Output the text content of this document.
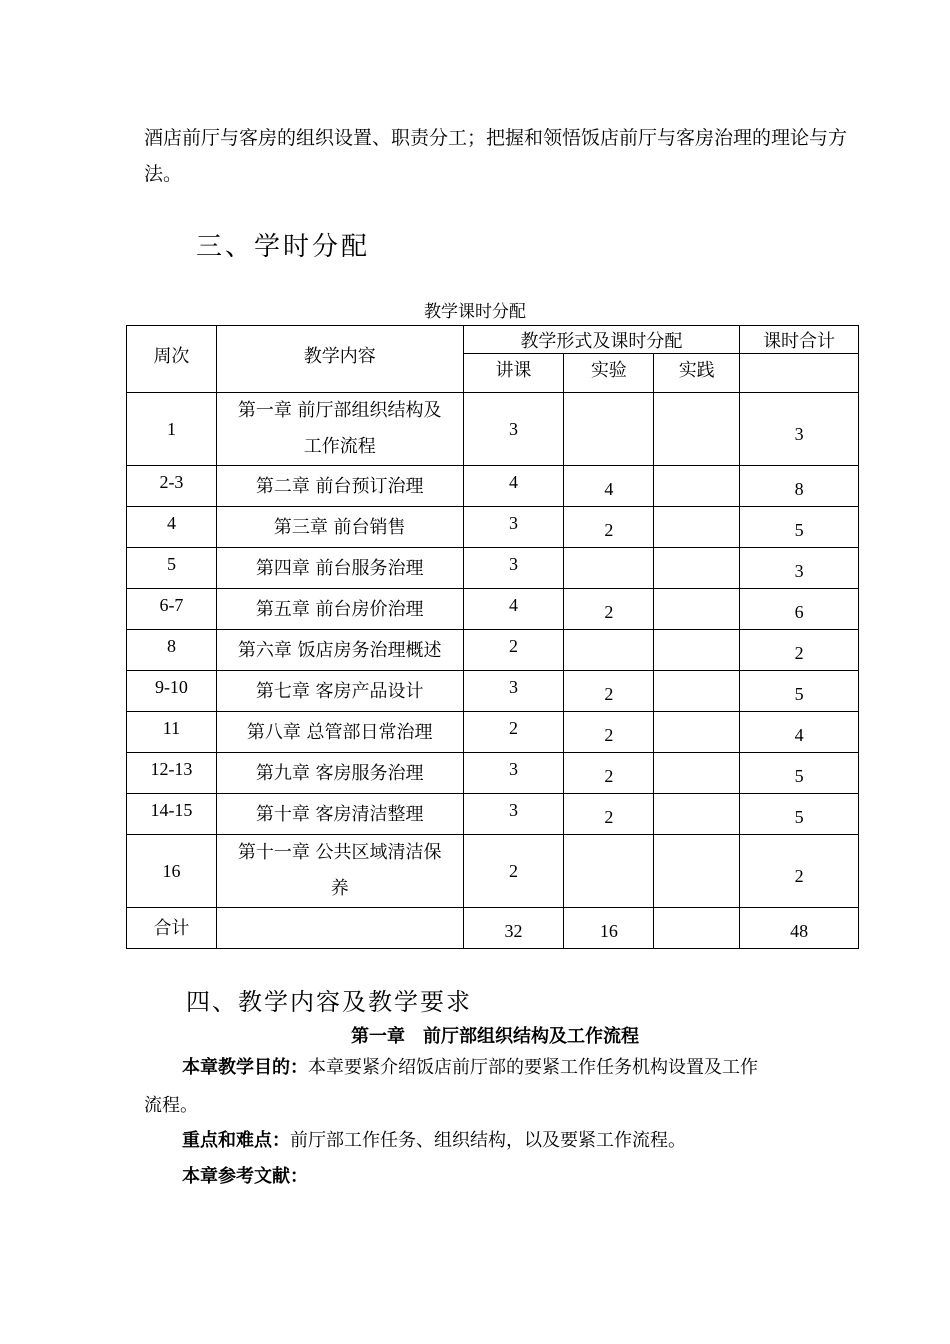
酒店前厅与客房的组织设置、职责分工；把握和领悟饭店前厅与客房治理的理论与方
法。
三、学时分配
教学课时分配
周次	教学内容	教学形式及课时分配			课时合计
		讲课	实验	实践	
1	第一章 前厅部组织结构及
工作流程	3			3
2-3	第二章 前台预订治理	4	4		8
4	第三章 前台销售	3	2		5
5	第四章 前台服务治理	3			3
6-7	第五章 前台房价治理	4	2		6
8	第六章 饭店房务治理概述	2			2
9-10	第七章 客房产品设计	3	2		5
11	第八章 总管部日常治理	2	2		4
12-13	第九章 客房服务治理	3	2		5
14-15	第十章 客房清洁整理	3	2		5
16	第十一章 公共区域清洁保
养	2			2
合计		32	16		48
四、教学内容及教学要求
第一章　前厅部组织结构及工作流程
本章教学目的：本章要紧介绍饭店前厅部的要紧工作任务机构设置及工作
流程。
重点和难点：前厅部工作任务、组织结构，以及要紧工作流程。
本章参考文献：
